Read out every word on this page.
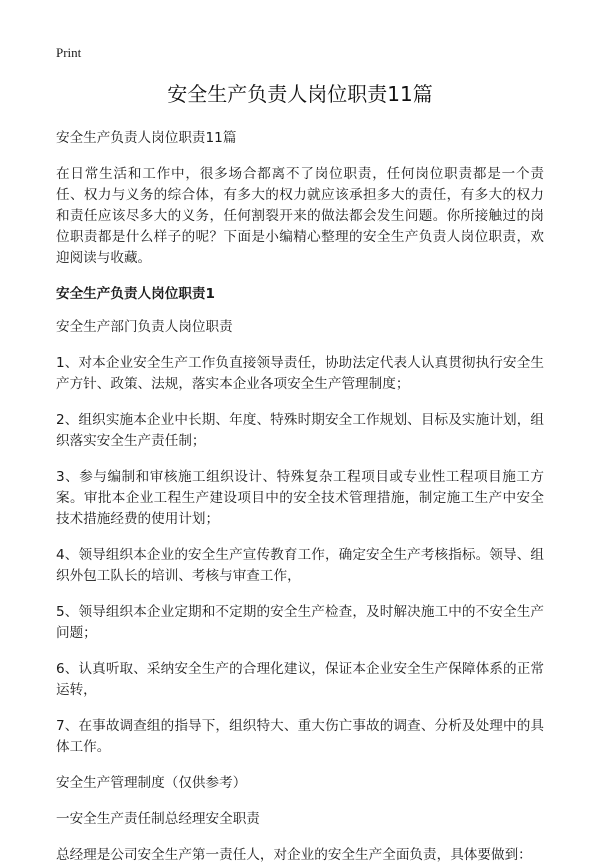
Print
安全生产负责人岗位职责11篇

安全生产负责人岗位职责11篇

在日常生活和工作中，很多场合都离不了岗位职责，任何岗位职责都是一个责任、权力与义务的综合体，有多大的权力就应该承担多大的责任，有多大的权力和责任应该尽多大的义务，任何割裂开来的做法都会发生问题。你所接触过的岗位职责都是什么样子的呢？下面是小编精心整理的安全生产负责人岗位职责，欢迎阅读与收藏。

安全生产负责人岗位职责1

安全生产部门负责人岗位职责

1、对本企业安全生产工作负直接领导责任，协助法定代表人认真贯彻执行安全生产方针、政策、法规，落实本企业各项安全生产管理制度；

2、组织实施本企业中长期、年度、特殊时期安全工作规划、目标及实施计划，组织落实安全生产责任制；

3、参与编制和审核施工组织设计、特殊复杂工程项目或专业性工程项目施工方案。审批本企业工程生产建设项目中的安全技术管理措施，制定施工生产中安全技术措施经费的使用计划；

4、领导组织本企业的安全生产宣传教育工作，确定安全生产考核指标。领导、组织外包工队长的培训、考核与审查工作，

5、领导组织本企业定期和不定期的安全生产检查，及时解决施工中的不安全生产问题；

6、认真听取、采纳安全生产的合理化建议，保证本企业安全生产保障体系的正常运转，

7、在事故调查组的指导下，组织特大、重大伤亡事故的调查、分析及处理中的具体工作。

安全生产管理制度（仅供参考）

一安全生产责任制总经理安全职责

总经理是公司安全生产第一责任人，对企业的安全生产全面负责，具体要做到：
